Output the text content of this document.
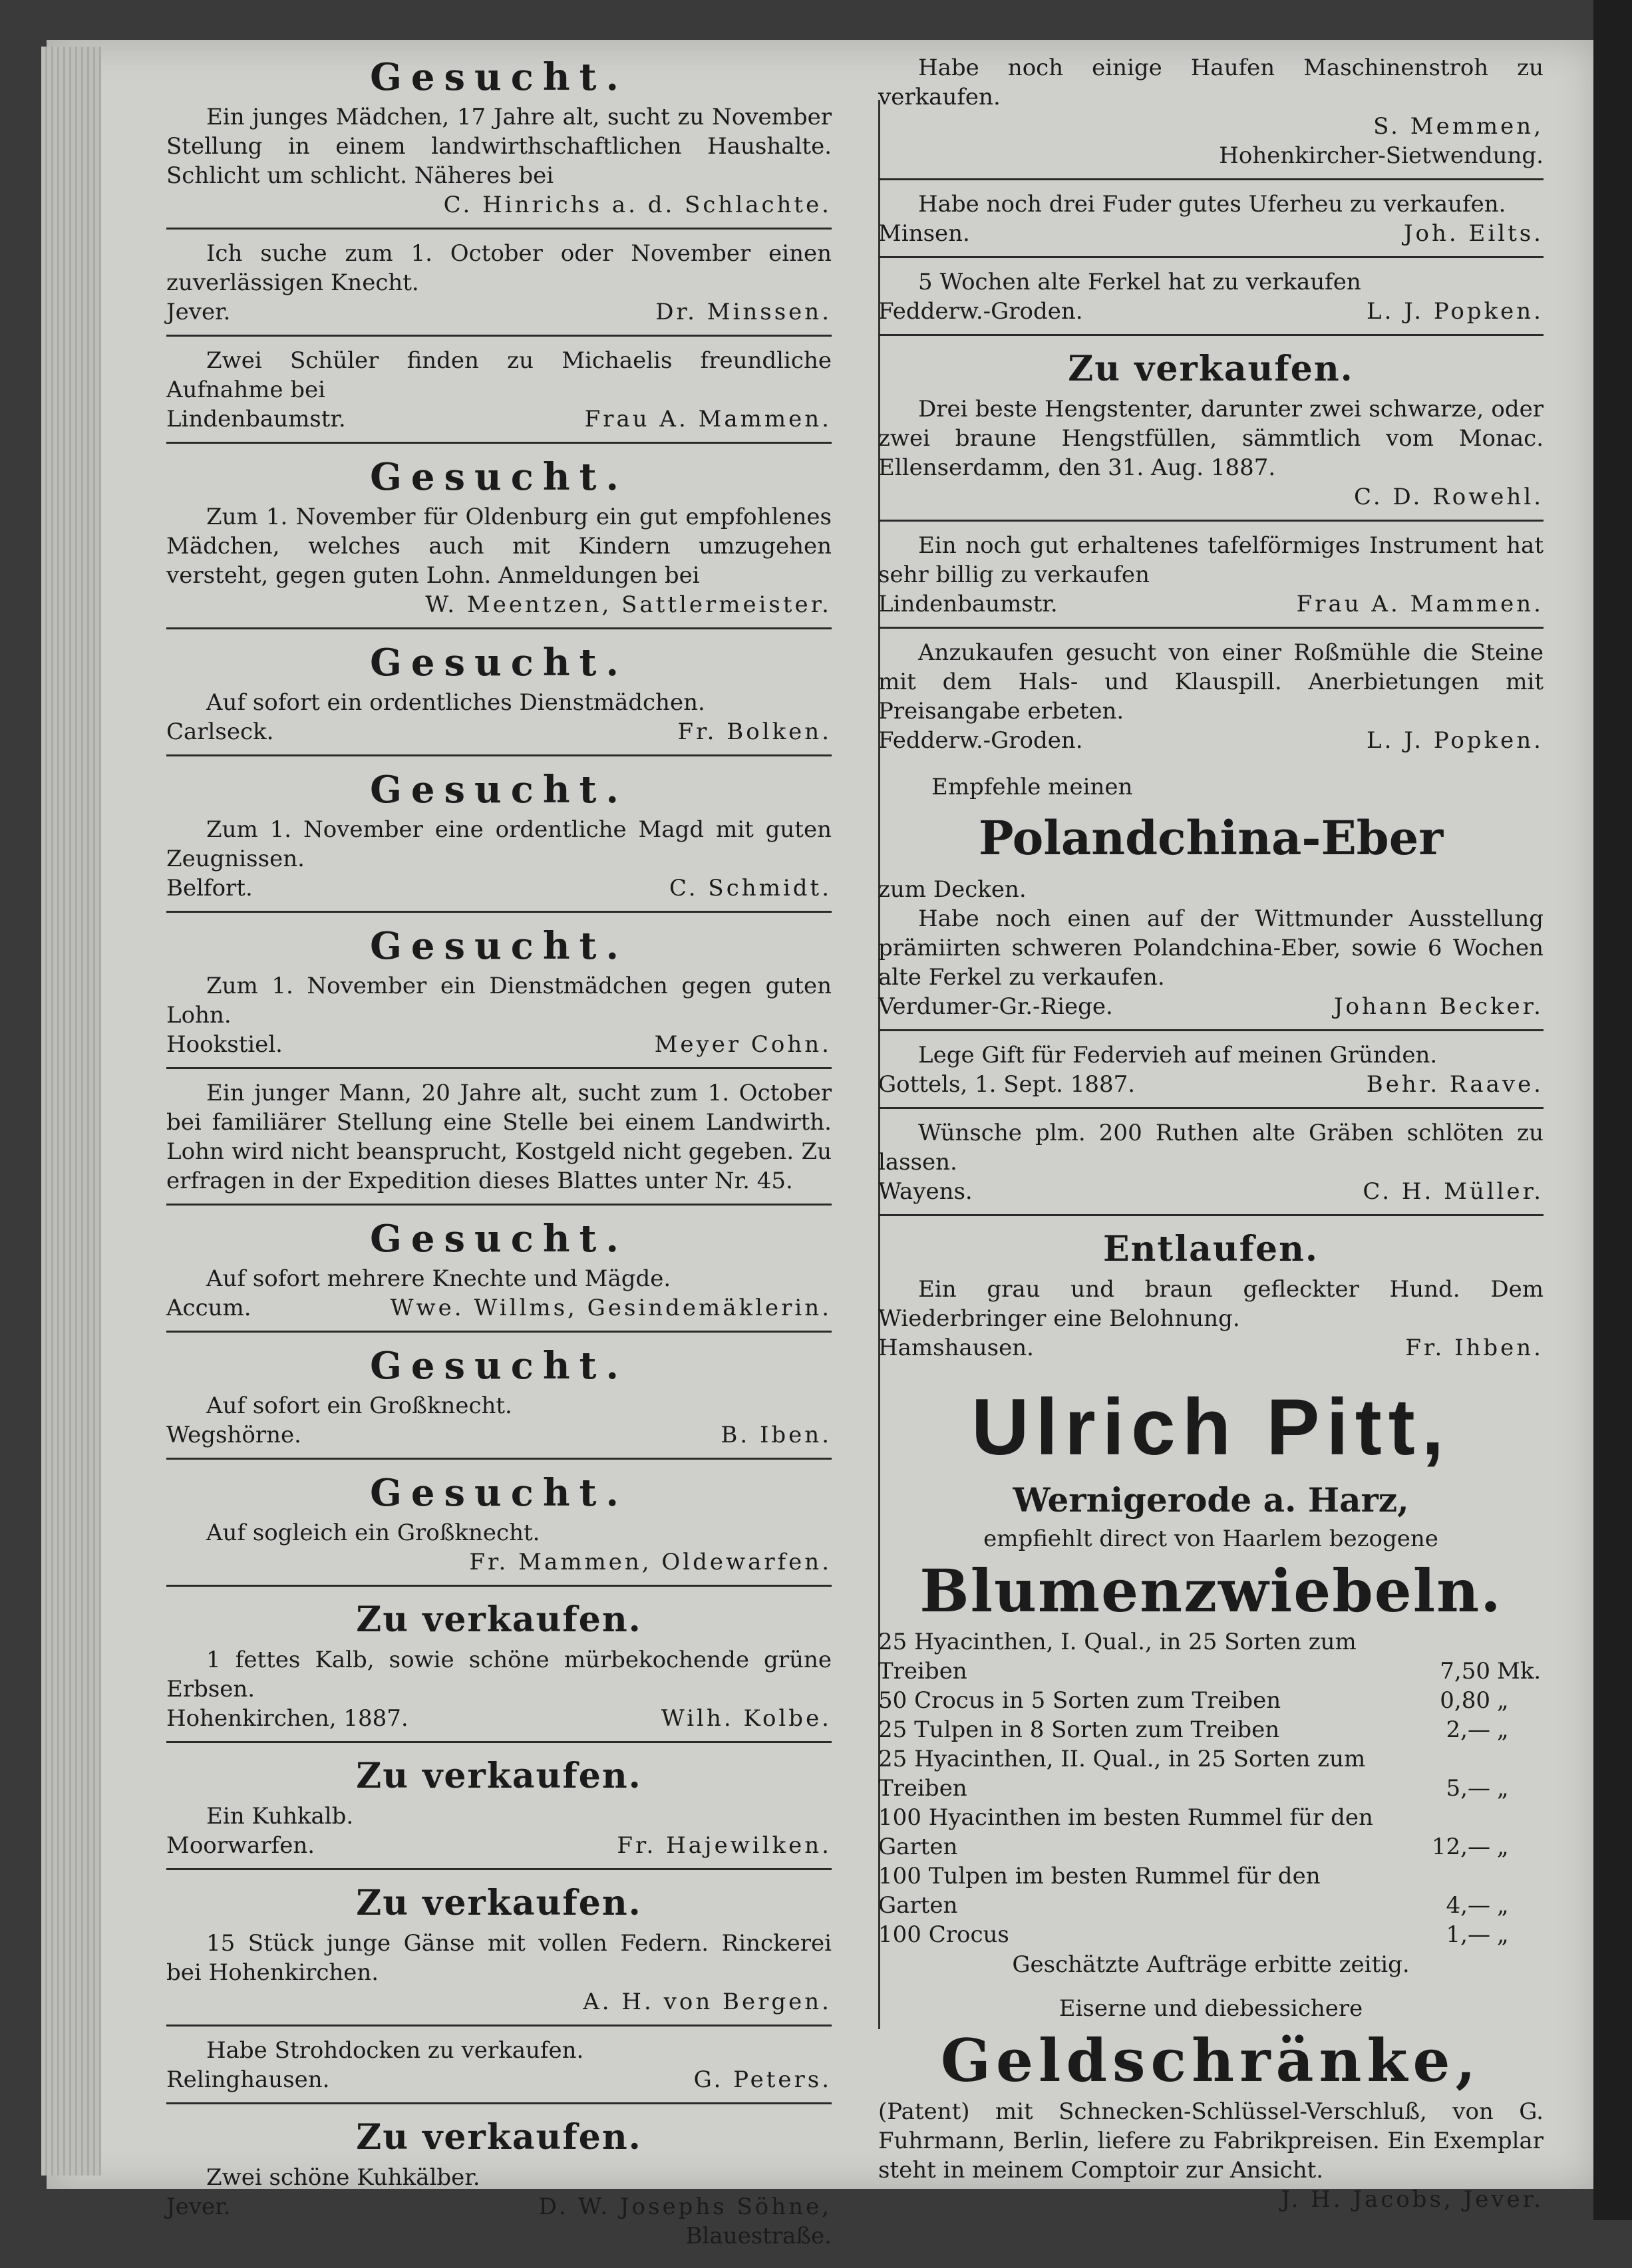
Gesucht.
Ein junges Mädchen, 17 Jahre alt, sucht zu November Stellung in einem landwirthschaftlichen Haushalte. Schlicht um schlicht. Näheres bei
C. Hinrichs a. d. Schlachte.
Ich suche zum 1. October oder November einen zuverlässigen Knecht.
Jever.	Dr. Minssen.
Zwei Schüler finden zu Michaelis freundliche Aufnahme bei
Lindenbaumstr.	Frau A. Mammen.
Gesucht.
Zum 1. November für Oldenburg ein gut empfohlenes Mädchen, welches auch mit Kindern umzugehen versteht, gegen guten Lohn. Anmeldungen bei
W. Meentzen, Sattlermeister.
Gesucht.
Auf sofort ein ordentliches Dienstmädchen.
Carlseck.	Fr. Bolken.
Gesucht.
Zum 1. November eine ordentliche Magd mit guten Zeugnissen.
Belfort.	C. Schmidt.
Gesucht.
Zum 1. November ein Dienstmädchen gegen guten Lohn.
Hookstiel.	Meyer Cohn.
Ein junger Mann, 20 Jahre alt, sucht zum 1. October bei familiärer Stellung eine Stelle bei einem Landwirth. Lohn wird nicht beansprucht, Kostgeld nicht gegeben. Zu erfragen in der Expedition dieses Blattes unter Nr. 45.
Gesucht.
Auf sofort mehrere Knechte und Mägde.
Accum.	Wwe. Willms, Gesindemäklerin.
Gesucht.
Auf sofort ein Großknecht.
Wegshörne.	B. Iben.
Gesucht.
Auf sogleich ein Großknecht.
Fr. Mammen, Oldewarfen.
Zu verkaufen.
1 fettes Kalb, sowie schöne mürbekochende grüne Erbsen.
Hohenkirchen, 1887.	Wilh. Kolbe.
Zu verkaufen.
Ein Kuhkalb.
Moorwarfen.	Fr. Hajewilken.
Zu verkaufen.
15 Stück junge Gänse mit vollen Federn. Rinckerei bei Hohenkirchen.
A. H. von Bergen.
Habe Strohdocken zu verkaufen.
Relinghausen.	G. Peters.
Zu verkaufen.
Zwei schöne Kuhkälber.
Jever.	D. W. Josephs Söhne,
Blauestraße.
Habe noch einige Haufen Maschinenstroh zu verkaufen.
S. Memmen,
Hohenkircher-Sietwendung.
Habe noch drei Fuder gutes Uferheu zu verkaufen.
Minsen.	Joh. Eilts.
5 Wochen alte Ferkel hat zu verkaufen
Fedderw.-Groden.	L. J. Popken.
Zu verkaufen.
Drei beste Hengstenter, darunter zwei schwarze, oder zwei braune Hengstfüllen, sämmtlich vom Monac. Ellenserdamm, den 31. Aug. 1887.
C. D. Rowehl.
Ein noch gut erhaltenes tafelförmiges Instrument hat sehr billig zu verkaufen
Lindenbaumstr.	Frau A. Mammen.
Anzukaufen gesucht von einer Roßmühle die Steine mit dem Hals- und Klauspill. Anerbietungen mit Preisangabe erbeten.
Fedderw.-Groden.	L. J. Popken.
Empfehle meinen
Polandchina-Eber
zum Decken.
Habe noch einen auf der Wittmunder Ausstellung prämiirten schweren Polandchina-Eber, sowie 6 Wochen alte Ferkel zu verkaufen.
Verdumer-Gr.-Riege.	Johann Becker.
Lege Gift für Federvieh auf meinen Gründen.
Gottels, 1. Sept. 1887.	Behr. Raave.
Wünsche plm. 200 Ruthen alte Gräben schlöten zu lassen.
Wayens.	C. H. Müller.
Entlaufen.
Ein grau und braun gefleckter Hund. Dem Wiederbringer eine Belohnung.
Hamshausen.	Fr. Ihben.
Ulrich Pitt,
Wernigerode a. Harz,
empfiehlt direct von Haarlem bezogene
Blumenzwiebeln.
25 Hyacinthen, I. Qual., in 25 Sorten zum Treiben	7,50	Mk.
50 Crocus in 5 Sorten zum Treiben	0,80	„
25 Tulpen in 8 Sorten zum Treiben	2,—	„
25 Hyacinthen, II. Qual., in 25 Sorten zum Treiben	5,—	„
100 Hyacinthen im besten Rummel für den Garten	12,—	„
100 Tulpen im besten Rummel für den Garten	4,—	„
100 Crocus	1,—	„
Geschätzte Aufträge erbitte zeitig.
Eiserne und diebessichere
Geldschränke,
(Patent) mit Schnecken-Schlüssel-Verschluß, von G. Fuhrmann, Berlin, liefere zu Fabrikpreisen. Ein Exemplar steht in meinem Comptoir zur Ansicht.
J. H. Jacobs, Jever.
